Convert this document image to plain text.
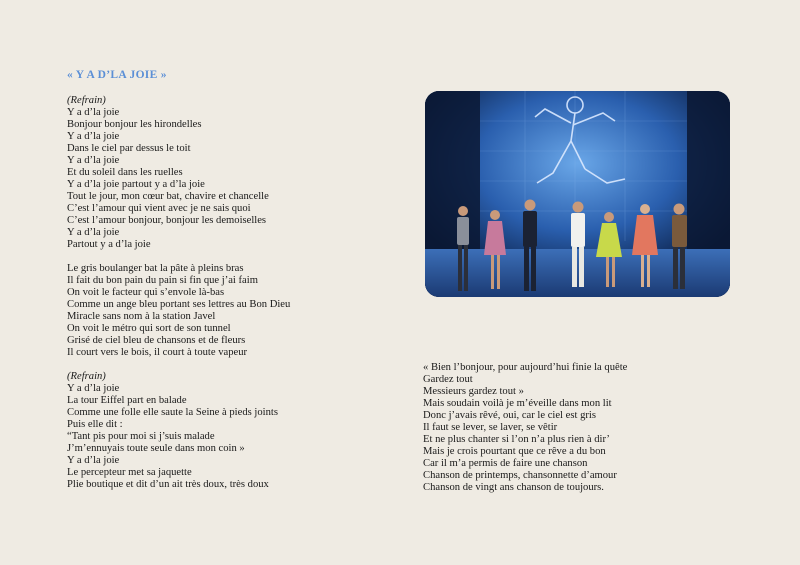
« Y A D’LA JOIE »
(Refrain)
Y a d’la joie
Bonjour bonjour les hirondelles
Y a d’la joie
Dans le ciel par dessus le toit
Y a d’la joie
Et du soleil dans les ruelles
Y a d’la joie partout y a d’la joie
Tout le jour, mon cœur bat, chavire et chancelle
C’est l’amour qui vient avec je ne sais quoi
C’est l’amour bonjour, bonjour les demoiselles
Y a d’la joie
Partout y a d’la joie
Le gris boulanger bat la pâte à pleins bras
Il fait du bon pain du pain si fin que j’ai faim
On voit le facteur qui s’envole là-bas
Comme un ange bleu portant ses lettres au Bon Dieu
Miracle sans nom à la station Javel
On voit le métro qui sort de son tunnel
Grisé de ciel bleu de chansons et de fleurs
Il court vers le bois, il court à toute vapeur
(Refrain)
Y a d’la joie
La tour Eiffel part en balade
Comme une folle elle saute la Seine à pieds joints
Puis elle dit :
“Tant pis pour moi si j’suis malade
J’m’ennuyais toute seule dans mon coin »
Y a d’la joie
Le percepteur met sa jaquette
Plie boutique et dit d’un ait très doux, très doux
« Bien l’bonjour, pour aujourd’hui finie la quête
Gardez tout
Messieurs gardez tout »
Mais soudain voilà je m’éveille dans mon lit
Donc j’avais rêvé, oui, car le ciel est gris
Il faut se lever, se laver, se vêtir
Et ne plus chanter si l’on n’a plus rien à dir’
Mais je crois pourtant que ce rêve a du bon
Car il m’a permis de faire une chanson
Chanson de printemps, chansonnette d’amour
Chanson de vingt ans chanson de toujours.
